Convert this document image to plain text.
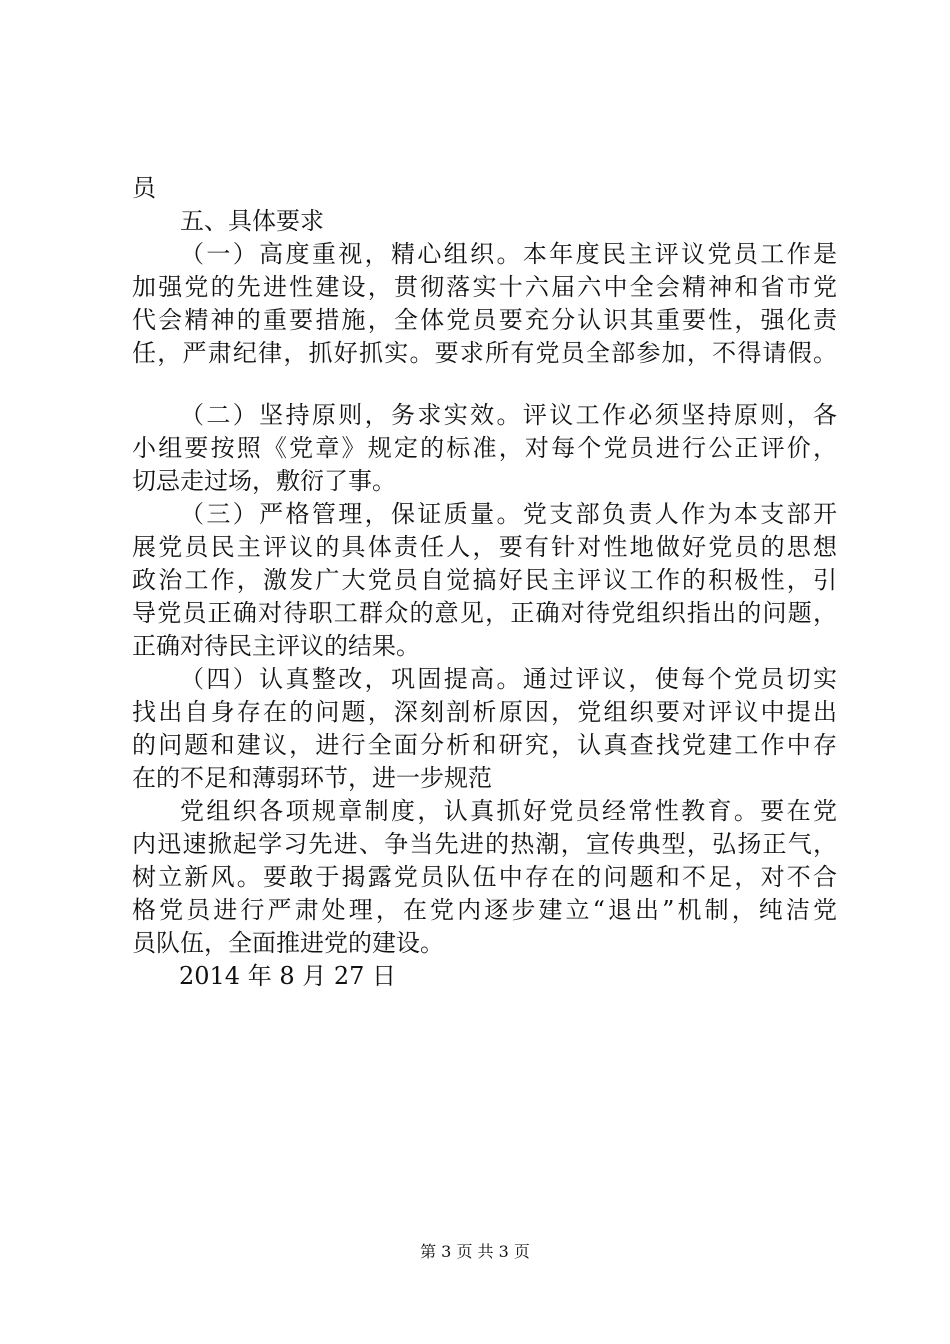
员
五、具体要求
（一）高度重视，精心组织。本年度民主评议党员工作是
加强党的先进性建设，贯彻落实十六届六中全会精神和省市党
代会精神的重要措施，全体党员要充分认识其重要性，强化责
任，严肃纪律，抓好抓实。要求所有党员全部参加，不得请假。
（二）坚持原则，务求实效。评议工作必须坚持原则，各
小组要按照《党章》规定的标准，对每个党员进行公正评价，
切忌走过场，敷衍了事。
（三）严格管理，保证质量。党支部负责人作为本支部开
展党员民主评议的具体责任人，要有针对性地做好党员的思想
政治工作，激发广大党员自觉搞好民主评议工作的积极性，引
导党员正确对待职工群众的意见，正确对待党组织指出的问题，
正确对待民主评议的结果。
（四）认真整改，巩固提高。通过评议，使每个党员切实
找出自身存在的问题，深刻剖析原因，党组织要对评议中提出
的问题和建议，进行全面分析和研究，认真查找党建工作中存
在的不足和薄弱环节，进一步规范
党组织各项规章制度，认真抓好党员经常性教育。要在党
内迅速掀起学习先进、争当先进的热潮，宣传典型，弘扬正气，
树立新风。要敢于揭露党员队伍中存在的问题和不足，对不合
格党员进行严肃处理，在党内逐步建立“退出”机制，纯洁党
员队伍，全面推进党的建设。
2014 年 8 月 27 日
第 3 页 共 3 页
